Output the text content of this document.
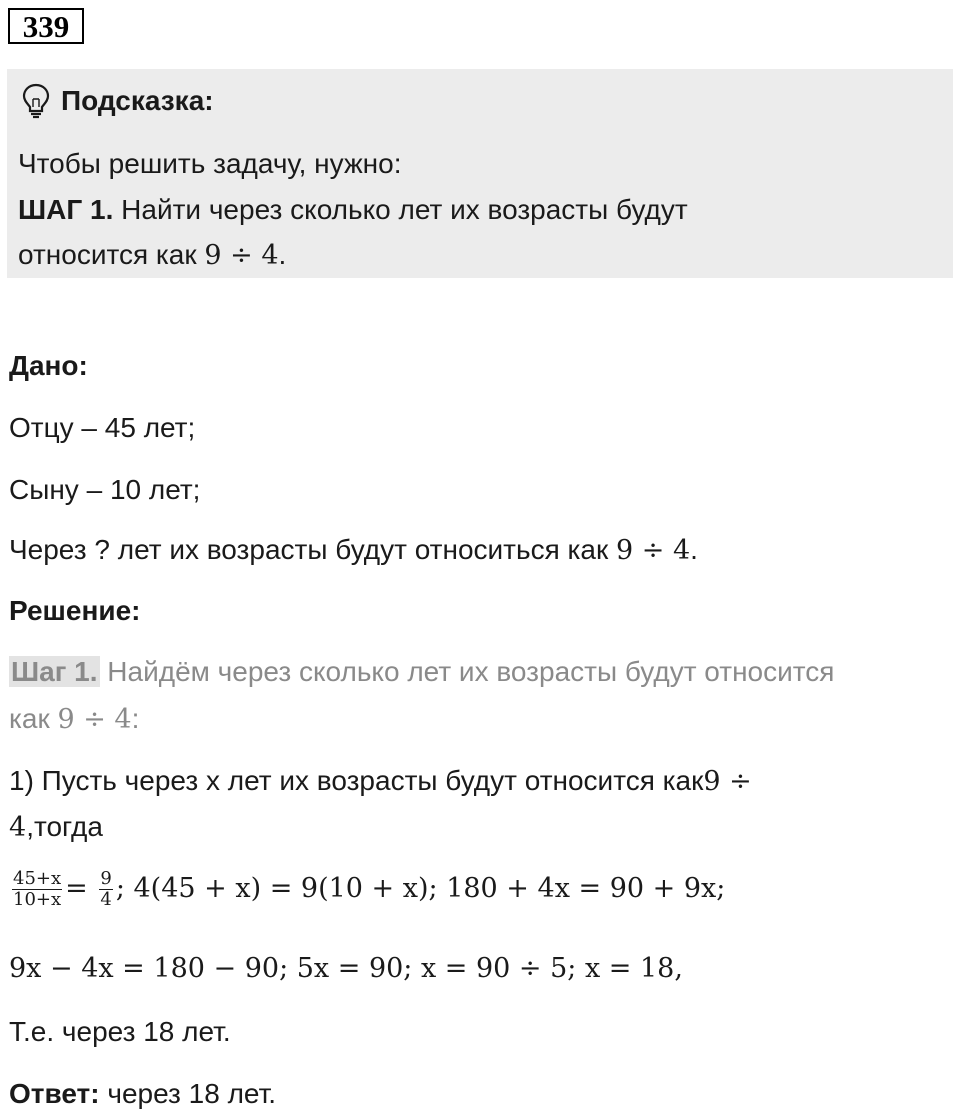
339
Подсказка:
Чтобы решить задачу, нужно:
ШАГ 1. Найти через сколько лет их возрасты будут
относится как 9 ÷ 4.
Дано:
Отцу – 45 лет;
Сыну – 10 лет;
Через ? лет их возрасты будут относиться как 9 ÷ 4.
Решение:
Шаг 1. Найдём через сколько лет их возрасты будут относится
как 9 ÷ 4:
1) Пусть через x лет их возрасты будут относится как9 ÷
4,тогда
$\frac{45+x}{10+x} = \frac{9}{4}$ ; 4(45 + x) = 9(10 + x); 180 + 4x = 90 + 9x;
9x − 4x = 180 − 90; 5x = 90; x = 90 ÷ 5; x = 18,
Т.е. через 18 лет.
Ответ: через 18 лет.
